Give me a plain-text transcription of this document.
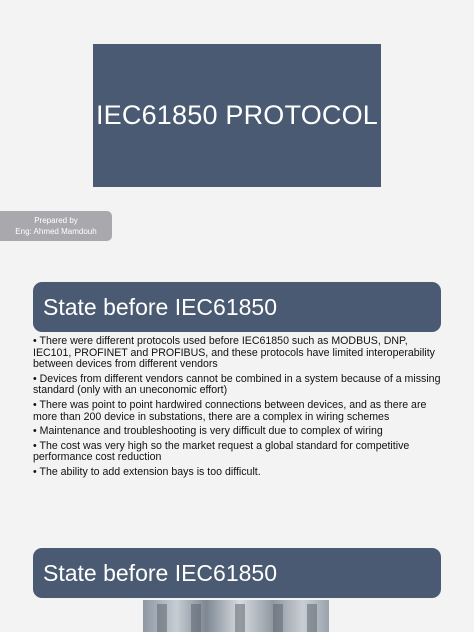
IEC61850 PROTOCOL
Prepared by
Eng: Ahmed Mamdouh
State before IEC61850
• There were different protocols used before IEC61850 such as MODBUS, DNP, IEC101, PROFINET and PROFIBUS, and these protocols have limited interoperability between devices from different vendors
• Devices from different vendors cannot be combined in a system because of a missing standard (only with an uneconomic effort)
• There was point to point hardwired connections between devices, and as there are more than 200 device in substations, there are a complex in wiring schemes
• Maintenance and troubleshooting is very difficult due to complex of wiring
• The cost was very high so the market request a global standard for competitive performance cost reduction
• The ability to add extension bays is too difficult.
State before IEC61850
